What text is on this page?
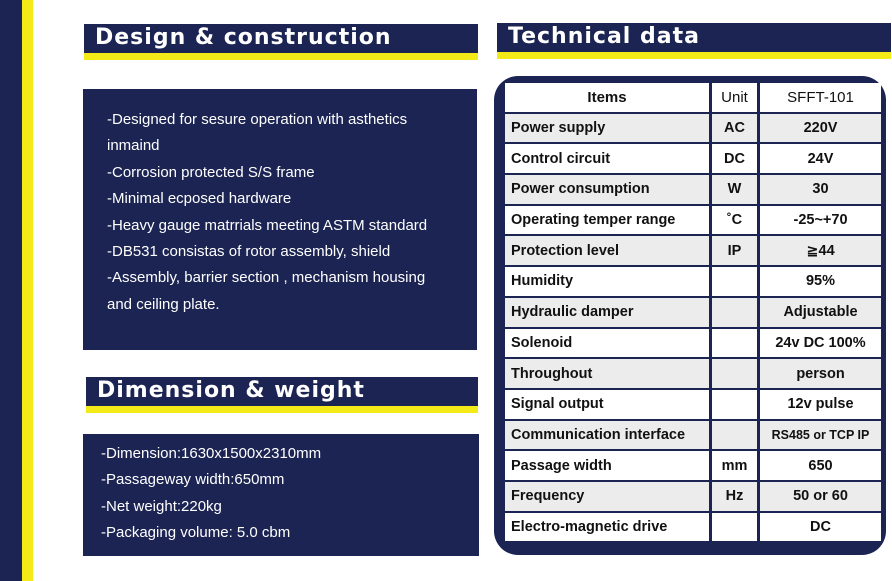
Design & construction
-Designed for sesure operation with asthetics inmaind
-Corrosion protected S/S frame
-Minimal ecposed hardware
-Heavy gauge matrrials meeting ASTM standard
-DB531 consistas of rotor assembly, shield
-Assembly, barrier section , mechanism housing and ceiling plate.
Dimension & weight
-Dimension:1630x1500x2310mm
-Passageway width:650mm
-Net weight:220kg
-Packaging volume: 5.0 cbm
Technical data
Items	Unit	SFFT-101
Power supply	AC	220V
Control circuit	DC	24V
Power consumption	W	30
Operating temper range	˚C	-25~+70
Protection level	IP	≧44
Humidity		95%
Hydraulic damper		Adjustable
Solenoid		24v DC 100%
Throughout		person
Signal output		12v pulse
Communication interface		RS485 or TCP IP
Passage width	mm	650
Frequency	Hz	50 or 60
Electro-magnetic drive		DC
